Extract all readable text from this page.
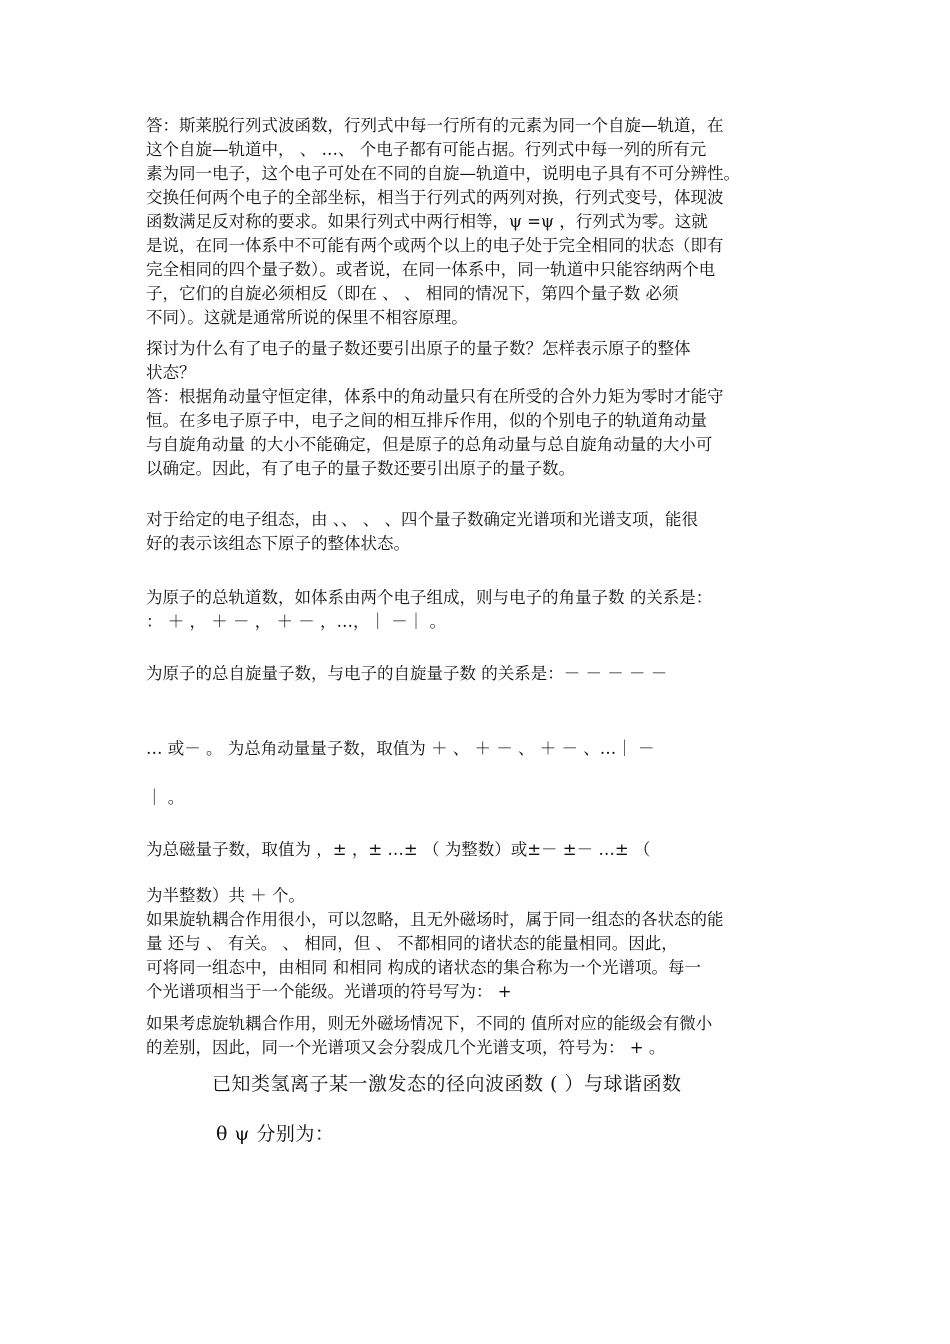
答：斯莱脱行列式波函数，行列式中每一行所有的元素为同一个自旋—轨道，在
这个自旋—轨道中， 、 …、 个电子都有可能占据。行列式中每一列的所有元
素为同一电子，这个电子可处在不同的自旋—轨道中，说明电子具有不可分辨性。
交换任何两个电子的全部坐标，相当于行列式的两列对换，行列式变号，体现波
函数满足反对称的要求。如果行列式中两行相等，ψ =ψ ，行列式为零。这就
是说，在同一体系中不可能有两个或两个以上的电子处于完全相同的状态（即有
完全相同的四个量子数）。或者说，在同一体系中，同一轨道中只能容纳两个电
子，它们的自旋必须相反（即在 、 、 相同的情况下，第四个量子数 必须
不同）。这就是通常所说的保里不相容原理。
探讨为什么有了电子的量子数还要引出原子的量子数？怎样表示原子的整体
状态？
答：根据角动量守恒定律，体系中的角动量只有在所受的合外力矩为零时才能守
恒。在多电子原子中，电子之间的相互排斥作用，似的个别电子的轨道角动量
与自旋角动量 的大小不能确定，但是原子的总角动量与总自旋角动量的大小可
以确定。因此，有了电子的量子数还要引出原子的量子数。
对于给定的电子组态，由 、、 、 、四个量子数确定光谱项和光谱支项，能很
好的表示该组态下原子的整体状态。
为原子的总轨道数，如体系由两个电子组成，则与电子的角量子数 的关系是：
： ＋ ， ＋ － ， ＋ － ，…，｜ －｜ 。
为原子的总自旋量子数，与电子的自旋量子数 的关系是：－ － － － －
… 或－ 。 为总角动量量子数，取值为 ＋ 、 ＋ － 、 ＋ － 、…｜ －
｜ 。
为总磁量子数，取值为 ，± ，± …± （ 为整数）或±－ ±－ …± （
为半整数）共 ＋ 个。
如果旋轨耦合作用很小，可以忽略，且无外磁场时，属于同一组态的各状态的能
量 还与 、 有关。 、 相同，但 、 不都相同的诸状态的能量相同。因此，
可将同一组态中，由相同 和相同 构成的诸状态的集合称为一个光谱项。每一
个光谱项相当于一个能级。光谱项的符号写为： +
如果考虑旋轨耦合作用，则无外磁场情况下，不同的 值所对应的能级会有微小
的差别，因此，同一个光谱项又会分裂成几个光谱支项，符号为： + 。
已知类氢离子某一激发态的径向波函数 ( ）与球谐函数
θ ψ 分别为：
